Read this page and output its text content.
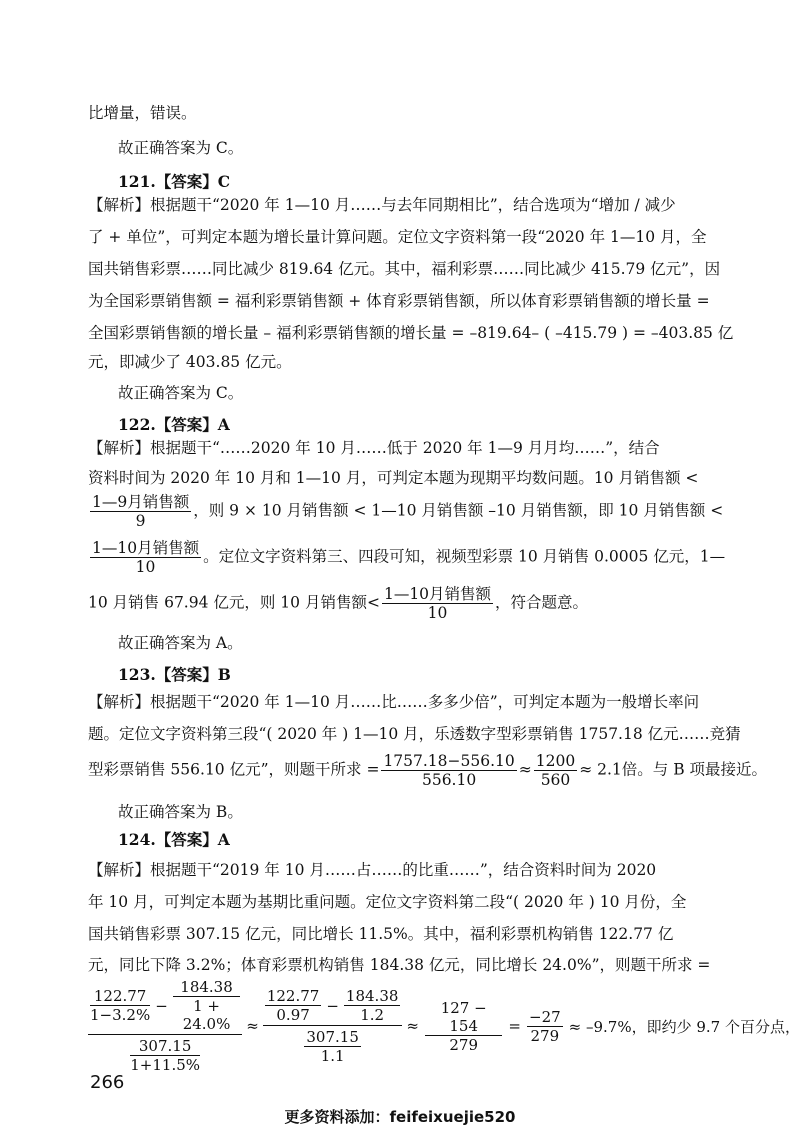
比增量，错误。
故正确答案为 C。
121.【答案】C
【解析】根据题干“2020 年 1—10 月……与去年同期相比”，结合选项为“增加 / 减少
了 + 单位”，可判定本题为增长量计算问题。定位文字资料第一段“2020 年 1—10 月，全
国共销售彩票……同比减少 819.64 亿元。其中，福利彩票……同比减少 415.79 亿元”，因
为全国彩票销售额 = 福利彩票销售额 + 体育彩票销售额，所以体育彩票销售额的增长量 =
全国彩票销售额的增长量 – 福利彩票销售额的增长量 = –819.64– ( –415.79 ) = –403.85 亿
元，即减少了 403.85 亿元。
故正确答案为 C。
122.【答案】A
【解析】根据题干“……2020 年 10 月……低于 2020 年 1—9 月月均……”，结合
资料时间为 2020 年 10 月和 1—10 月，可判定本题为现期平均数问题。10 月销售额 <
$\frac{\text{1—9月销售额}}{9}$ ，则 9 × 10 月销售额 < 1—10 月销售额 –10 月销售额，即 10 月销售额 <
$\frac{\text{1—10月销售额}}{10}$ 。定位文字资料第三、四段可知，视频型彩票 10 月销售 0.0005 亿元，1—
10 月销售 67.94 亿元，则 10 月销售额< $\frac{\text{1—10月销售额}}{10}$ ，符合题意。
故正确答案为 A。
123.【答案】B
【解析】根据题干“2020 年 1—10 月……比……多多少倍”，可判定本题为一般增长率问
题。定位文字资料第三段“( 2020 年 ) 1—10 月，乐透数字型彩票销售 1757.18 亿元……竞猜
型彩票销售 556.10 亿元”，则题干所求 = $\frac{1757.18-556.10}{556.10} \approx \frac{1200}{560} \approx 2.1$倍。与 B 项最接近。
故正确答案为 B。
124.【答案】A
【解析】根据题干“2019 年 10 月……占……的比重……”，结合资料时间为 2020
年 10 月，可判定本题为基期比重问题。定位文字资料第二段“( 2020 年 ) 10 月份，全
国共销售彩票 307.15 亿元，同比增长 11.5%。其中，福利彩票机构销售 122.77 亿
元，同比下降 3.2%；体育彩票机构销售 184.38 亿元，同比增长 24.0%”，则题干所求 =
$\frac{\frac{122.77}{1-3.2\%} - \frac{184.38}{1 + 24.0\%}}{\frac{307.15}{1+11.5\%}} \approx \frac{\frac{122.77}{0.97} - \frac{184.38}{1.2}}{\frac{307.15}{1.1}} \approx \frac{127 - 154}{279} = \frac{-27}{279} \approx -9.7\%$，即约少 9.7 个百分点，
266
更多资料添加：feifeixuejie520
